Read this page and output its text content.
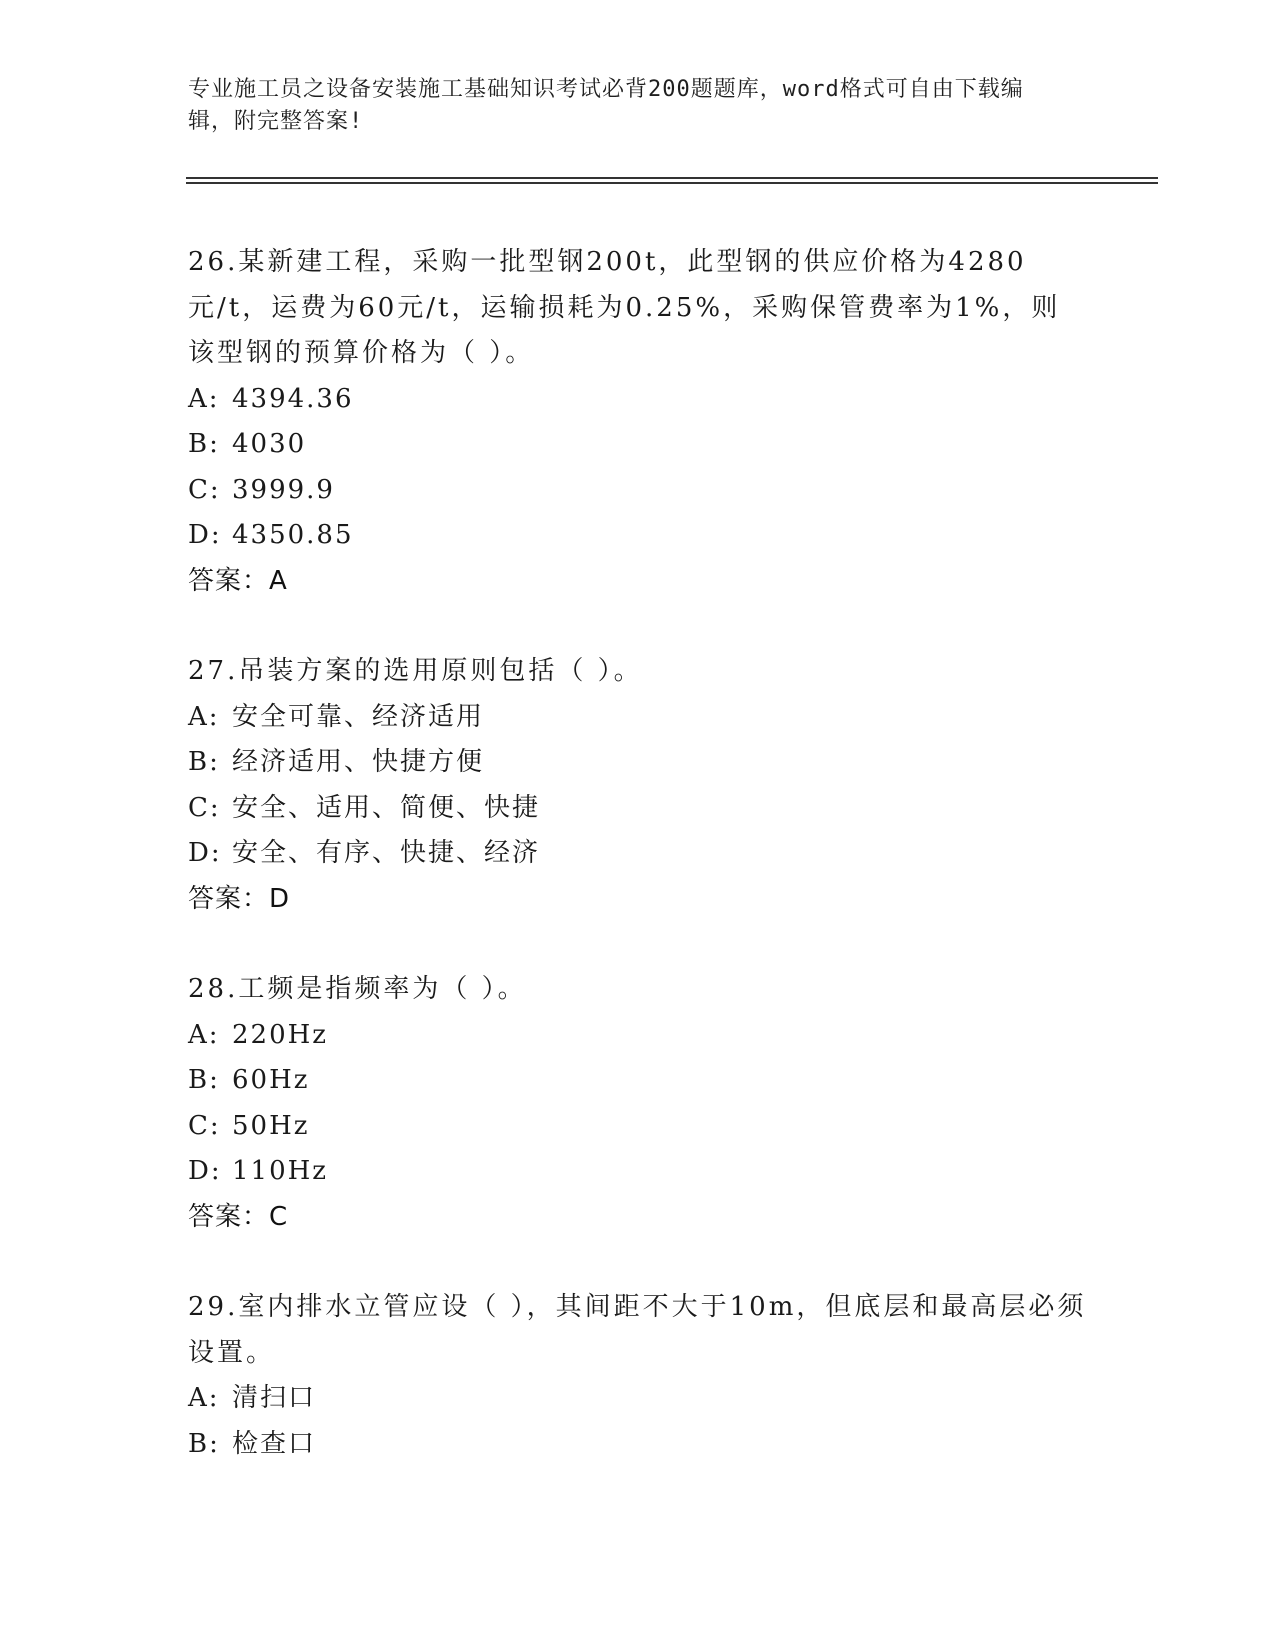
专业施工员之设备安装施工基础知识考试必背200题题库，word格式可自由下载编辑，附完整答案!

26.某新建工程，采购一批型钢200t，此型钢的供应价格为4280元/t，运费为60元/t，运输损耗为0.25%，采购保管费率为1%，则该型钢的预算价格为（ ）。

A: 4394.36

B: 4030

C: 3999.9

D: 4350.85

答案：A

27.吊装方案的选用原则包括（ ）。

A: 安全可靠、经济适用

B: 经济适用、快捷方便

C: 安全、适用、简便、快捷

D: 安全、有序、快捷、经济

答案：D

28.工频是指频率为（ ）。

A: 220Hz

B: 60Hz

C: 50Hz

D: 110Hz

答案：C

29.室内排水立管应设（ ），其间距不大于10m，但底层和最高层必须设置。

A: 清扫口

B: 检查口
